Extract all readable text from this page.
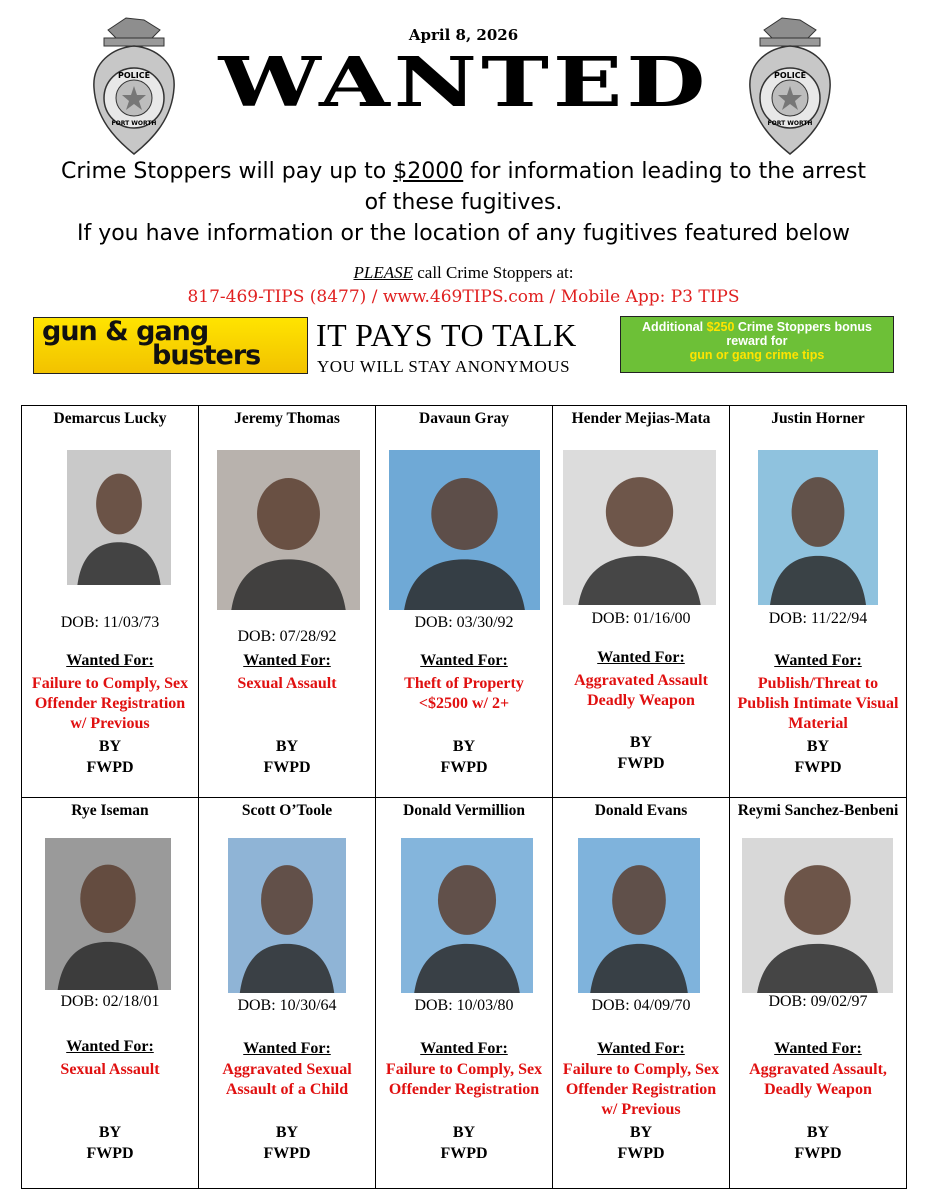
POLICE
FORT WORTH
POLICE
FORT WORTH
April 8, 2026
WANTED
Crime Stoppers will pay up to $2000 for information leading to the arrest
of these fugitives.
If you have information or the location of any fugitives featured below
PLEASE call Crime Stoppers at:
817-469-TIPS (8477) / www.469TIPS.com / Mobile App: P3 TIPS
gun & gang
busters
IT PAYS TO TALK
YOU WILL STAY ANONYMOUS
Additional $250 Crime Stoppers bonus reward for
gun or gang crime tips
Demarcus Lucky
DOB: 11/03/73
Wanted For:
Failure to Comply, Sex Offender Registration w/ Previous
BY
FWPD
Jeremy Thomas
DOB: 07/28/92
Wanted For:
Sexual Assault
BY
FWPD
Davaun Gray
DOB: 03/30/92
Wanted For:
Theft of Property <$2500 w/ 2+
BY
FWPD
Hender Mejias-Mata
DOB: 01/16/00
Wanted For:
Aggravated Assault Deadly Weapon
BY
FWPD
Justin Horner
DOB: 11/22/94
Wanted For:
Publish/Threat to Publish Intimate Visual Material
BY
FWPD
Rye Iseman
DOB: 02/18/01
Wanted For:
Sexual Assault
BY
FWPD
Scott O’Toole
DOB: 10/30/64
Wanted For:
Aggravated Sexual Assault of a Child
BY
FWPD
Donald Vermillion
DOB: 10/03/80
Wanted For:
Failure to Comply, Sex Offender Registration
BY
FWPD
Donald Evans
DOB: 04/09/70
Wanted For:
Failure to Comply, Sex Offender Registration w/ Previous
BY
FWPD
Reymi Sanchez-Benbeni
DOB: 09/02/97
Wanted For:
Aggravated Assault, Deadly Weapon
BY
FWPD
